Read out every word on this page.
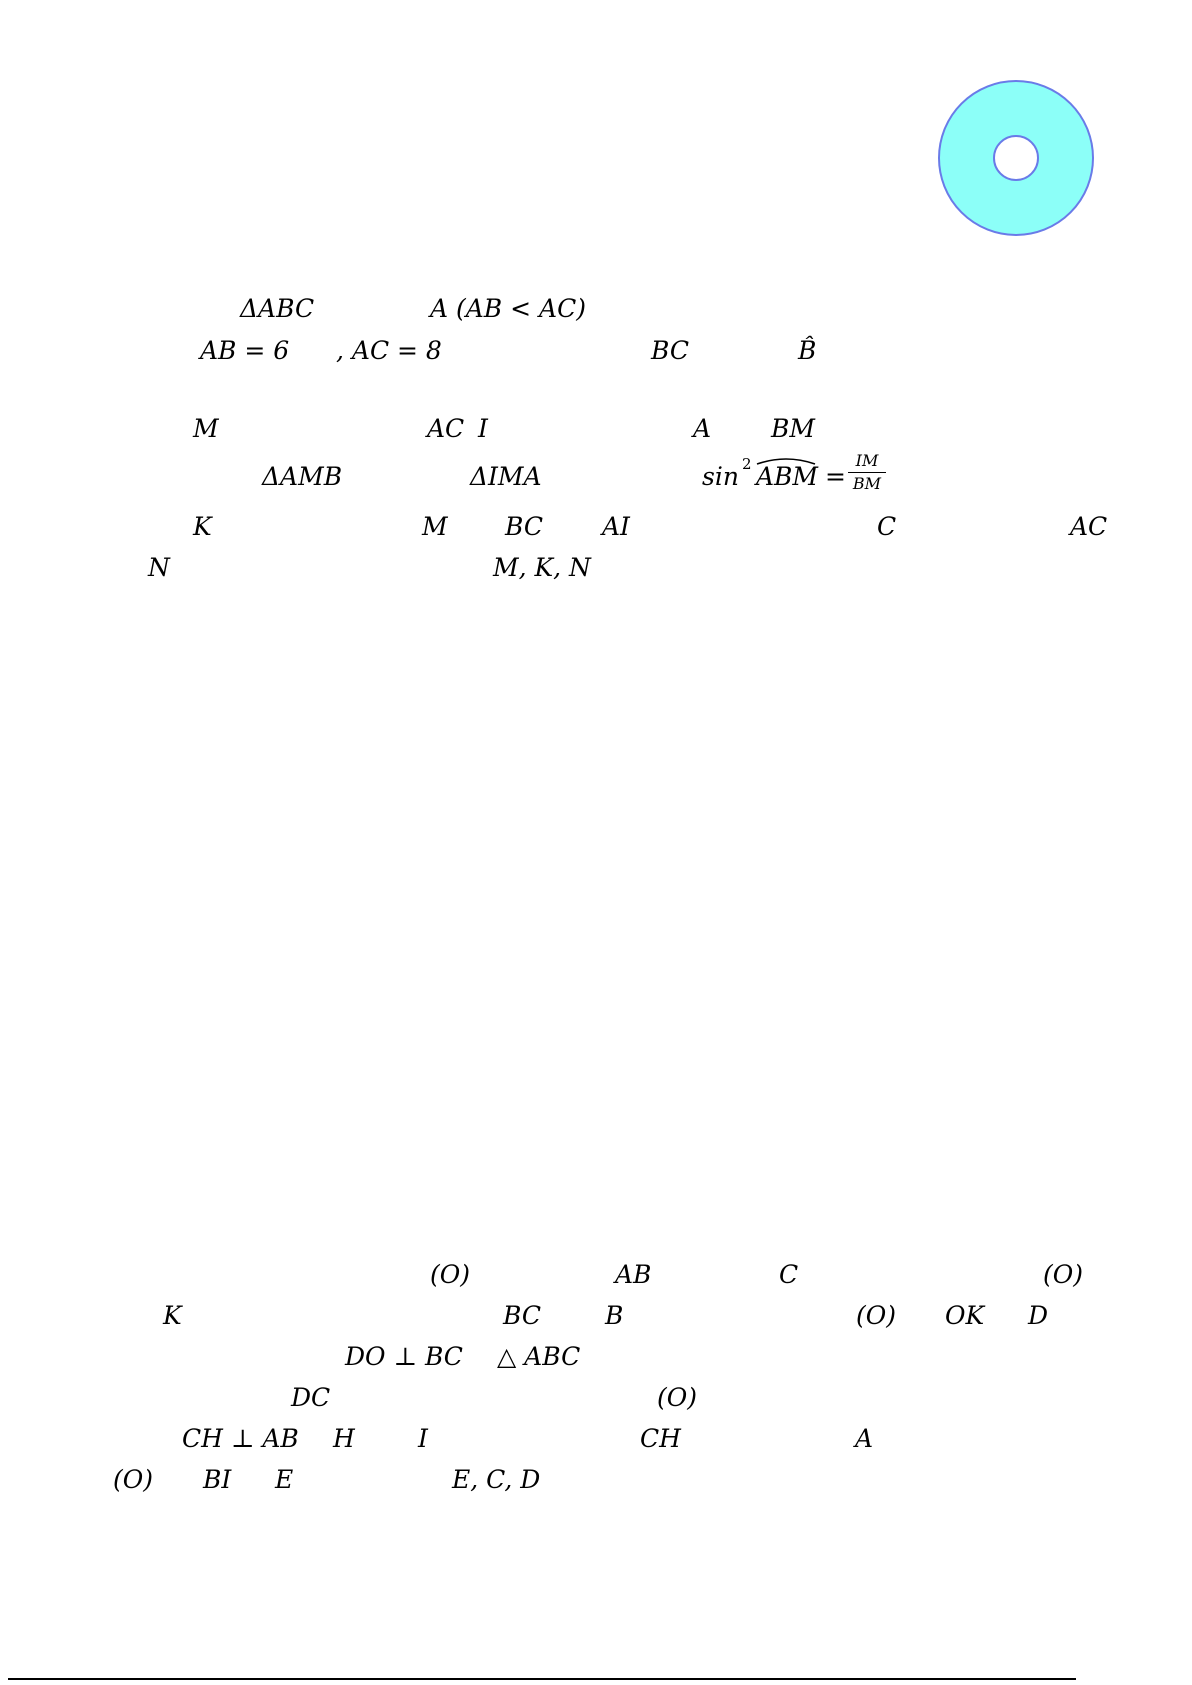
ΔABC	A (AB < AC)
AB = 6 , AC = 8	BC	B̂
M	AC I	A BM
ΔAMB	ΔIMA	sin 2 ABM =
IM
BM
K	M BC AI	C	AC
N	M, K, N
(O)	AB	C	(O)
K	BC	B	(O) OK D
DO ⊥ BC △ ABC
DC	(O)
CH ⊥ AB H	I	CH	A
(O) BI E	E, C, D
